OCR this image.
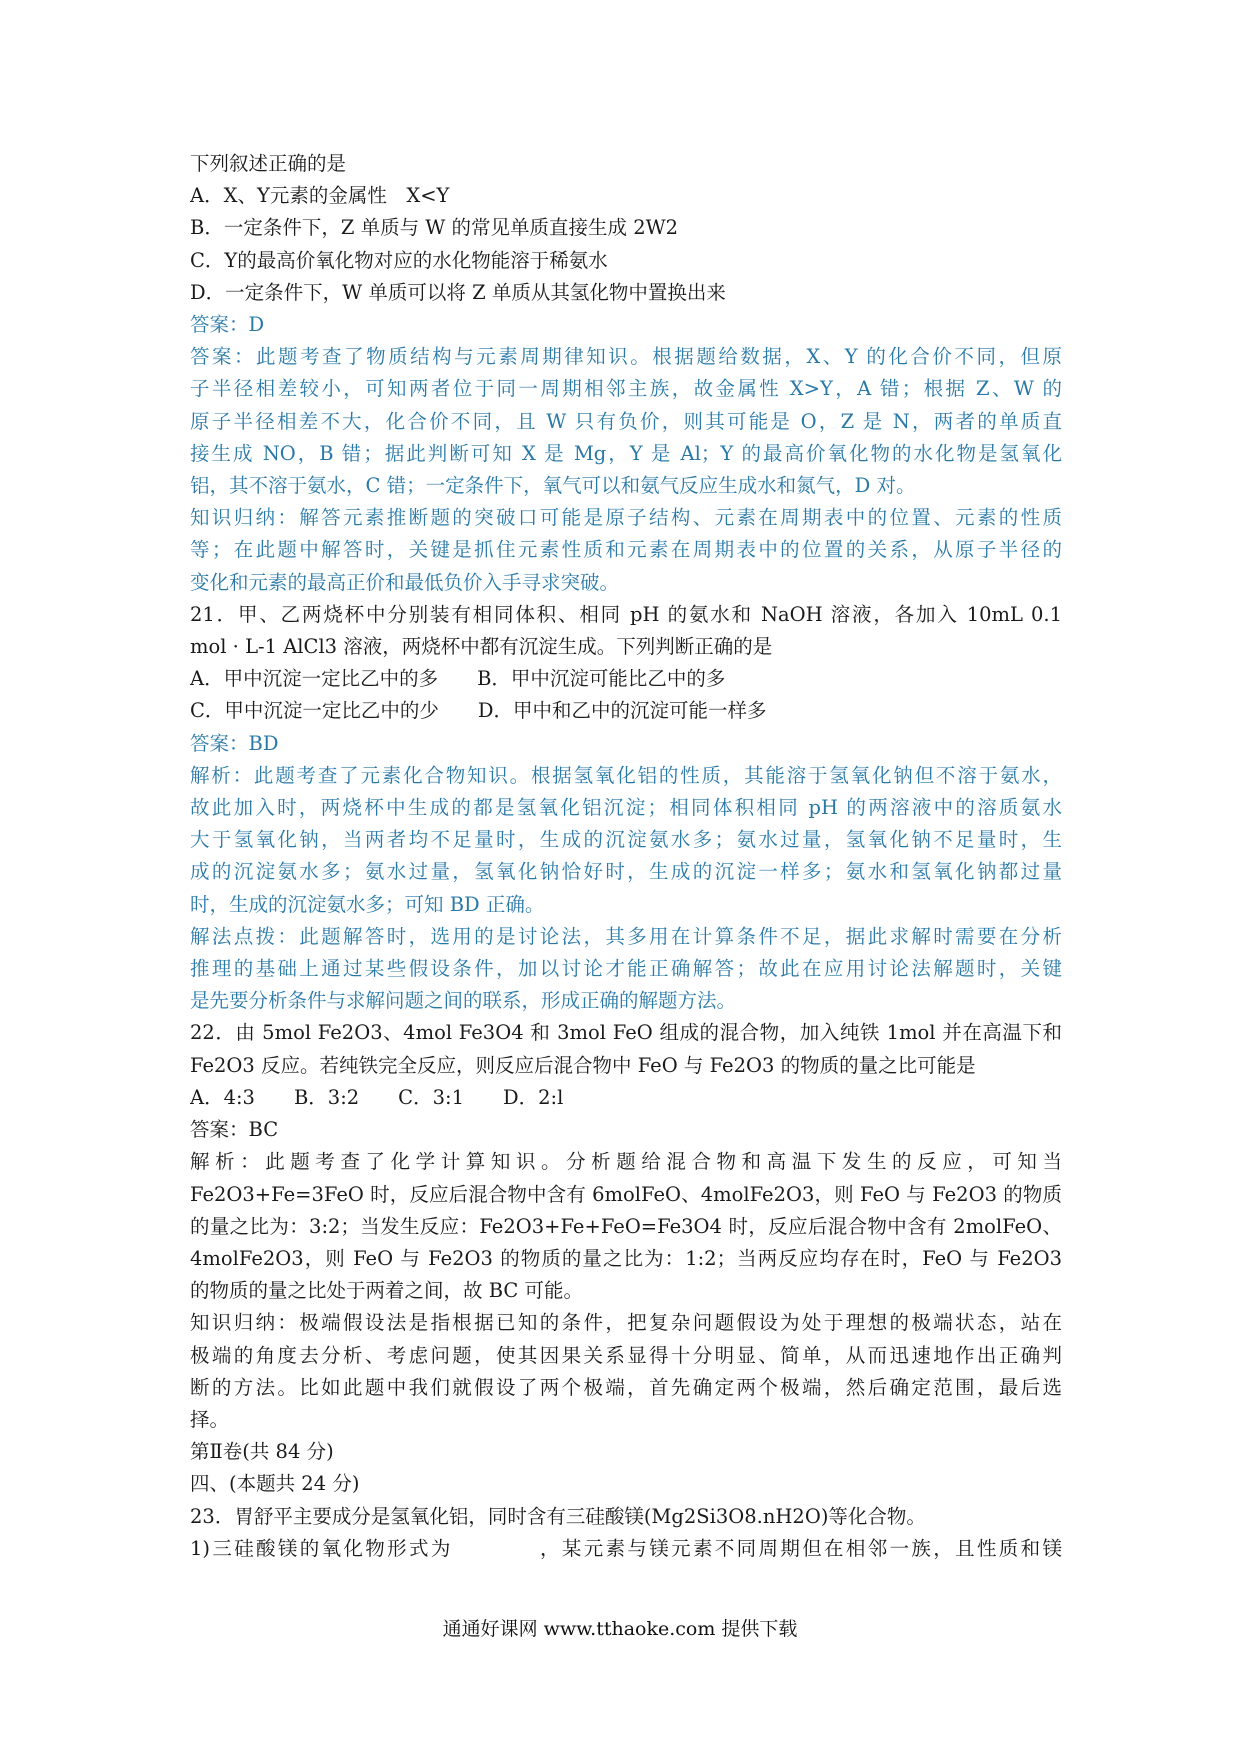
下列叙述正确的是
A．X、Y元素的金属性　X<Y
B．一定条件下，Z 单质与 W 的常见单质直接生成 2W2
C．Y的最高价氧化物对应的水化物能溶于稀氨水
D．一定条件下，W 单质可以将 Z 单质从其氢化物中置换出来
答案：D
答案：此题考查了物质结构与元素周期律知识。根据题给数据，X、Y 的化合价不同，但原
子半径相差较小，可知两者位于同一周期相邻主族，故金属性 X>Y，A 错；根据 Z、W 的
原子半径相差不大，化合价不同，且 W 只有负价，则其可能是 O，Z 是 N，两者的单质直
接生成 NO，B 错；据此判断可知 X 是 Mg，Y 是 Al；Y 的最高价氧化物的水化物是氢氧化
铝，其不溶于氨水，C 错；一定条件下，氧气可以和氨气反应生成水和氮气，D 对。
知识归纳：解答元素推断题的突破口可能是原子结构、元素在周期表中的位置、元素的性质
等；在此题中解答时，关键是抓住元素性质和元素在周期表中的位置的关系，从原子半径的
变化和元素的最高正价和最低负价入手寻求突破。
21．甲、乙两烧杯中分别装有相同体积、相同 pH 的氨水和 NaOH 溶液，各加入 10mL 0.1
mol · L-1 AlCl3 溶液，两烧杯中都有沉淀生成。下列判断正确的是
A．甲中沉淀一定比乙中的多　　B．甲中沉淀可能比乙中的多
C．甲中沉淀一定比乙中的少　　D．甲中和乙中的沉淀可能一样多
答案：BD
解析：此题考查了元素化合物知识。根据氢氧化铝的性质，其能溶于氢氧化钠但不溶于氨水，
故此加入时，两烧杯中生成的都是氢氧化铝沉淀；相同体积相同 pH 的两溶液中的溶质氨水
大于氢氧化钠，当两者均不足量时，生成的沉淀氨水多；氨水过量，氢氧化钠不足量时，生
成的沉淀氨水多；氨水过量，氢氧化钠恰好时，生成的沉淀一样多；氨水和氢氧化钠都过量
时，生成的沉淀氨水多；可知 BD 正确。
解法点拨：此题解答时，选用的是讨论法，其多用在计算条件不足，据此求解时需要在分析
推理的基础上通过某些假设条件，加以讨论才能正确解答；故此在应用讨论法解题时，关键
是先要分析条件与求解问题之间的联系，形成正确的解题方法。
22．由 5mol Fe2O3、4mol Fe3O4 和 3mol FeO 组成的混合物，加入纯铁 1mol 并在高温下和
Fe2O3 反应。若纯铁完全反应，则反应后混合物中 FeO 与 Fe2O3 的物质的量之比可能是
A．4:3　　B．3:2　　C．3:1　　D．2:l
答案：BC
解析：此题考查了化学计算知识。分析题给混合物和高温下发生的反应，可知当
Fe2O3+Fe=3FeO 时，反应后混合物中含有 6molFeO、4molFe2O3，则 FeO 与 Fe2O3 的物质
的量之比为：3:2；当发生反应：Fe2O3+Fe+FeO=Fe3O4 时，反应后混合物中含有 2molFeO、
4molFe2O3，则 FeO 与 Fe2O3 的物质的量之比为：1:2；当两反应均存在时，FeO 与 Fe2O3
的物质的量之比处于两着之间，故 BC 可能。
知识归纳：极端假设法是指根据已知的条件，把复杂问题假设为处于理想的极端状态，站在
极端的角度去分析、考虑问题，使其因果关系显得十分明显、简单，从而迅速地作出正确判
断的方法。比如此题中我们就假设了两个极端，首先确定两个极端，然后确定范围，最后选
择。
第Ⅱ卷(共 84 分)
四、(本题共 24 分)
23．胃舒平主要成分是氢氧化铝，同时含有三硅酸镁(Mg2Si3O8.nH2O)等化合物。
1)三硅酸镁的氧化物形式为　　　　，某元素与镁元素不同周期但在相邻一族，且性质和镁
通通好课网 www.tthaoke.com 提供下载
